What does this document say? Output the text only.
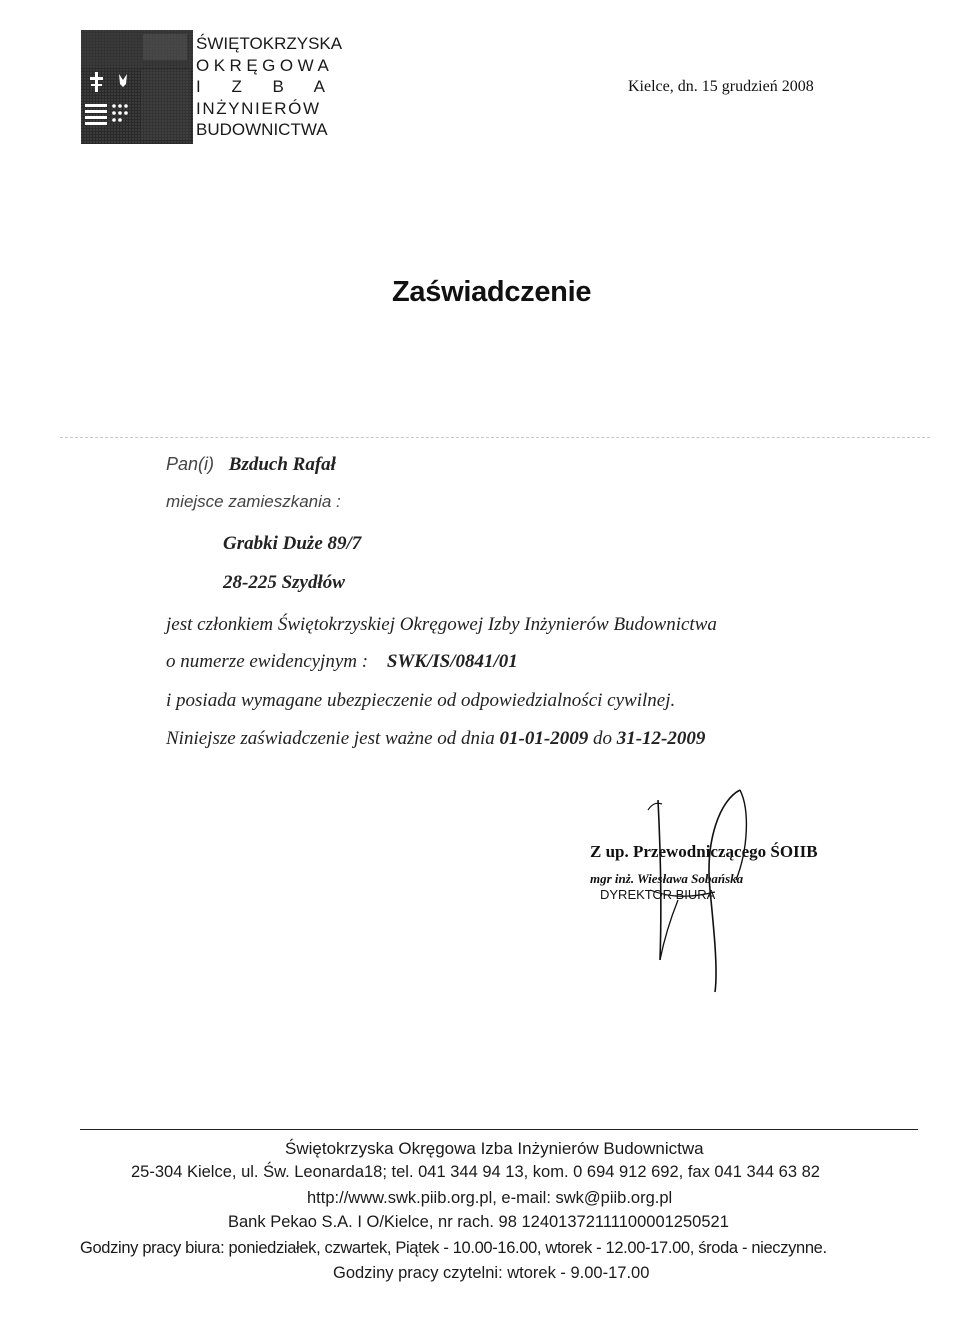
ŚWIĘTOKRZYSKA
OKRĘGOWA
I Z B A
INŻYNIERÓW
BUDOWNICTWA
Kielce, dn. 15 grudzień 2008
Zaświadczenie
Pan(i) Bzduch Rafał
miejsce zamieszkania :
Grabki Duże 89/7
28-225 Szydłów
jest członkiem Świętokrzyskiej Okręgowej Izby Inżynierów Budownictwa
o numerze ewidencyjnym : SWK/IS/0841/01
i posiada wymagane ubezpieczenie od odpowiedzialności cywilnej.
Niniejsze zaświadczenie jest ważne od dnia 01-01-2009 do 31-12-2009
Z up. Przewodniczącego ŚOIIB
mgr inż. Wiesława Sobańska
DYREKTOR BIURA
Świętokrzyska Okręgowa Izba Inżynierów Budownictwa
25-304 Kielce, ul. Św. Leonarda18; tel. 041 344 94 13, kom. 0 694 912 692, fax 041 344 63 82
http://www.swk.piib.org.pl, e-mail: swk@piib.org.pl
Bank Pekao S.A. I O/Kielce, nr rach. 98 12401372111100001250521
Godziny pracy biura: poniedziałek, czwartek, Piątek - 10.00-16.00, wtorek - 12.00-17.00, środa - nieczynne.
Godziny pracy czytelni: wtorek - 9.00-17.00
